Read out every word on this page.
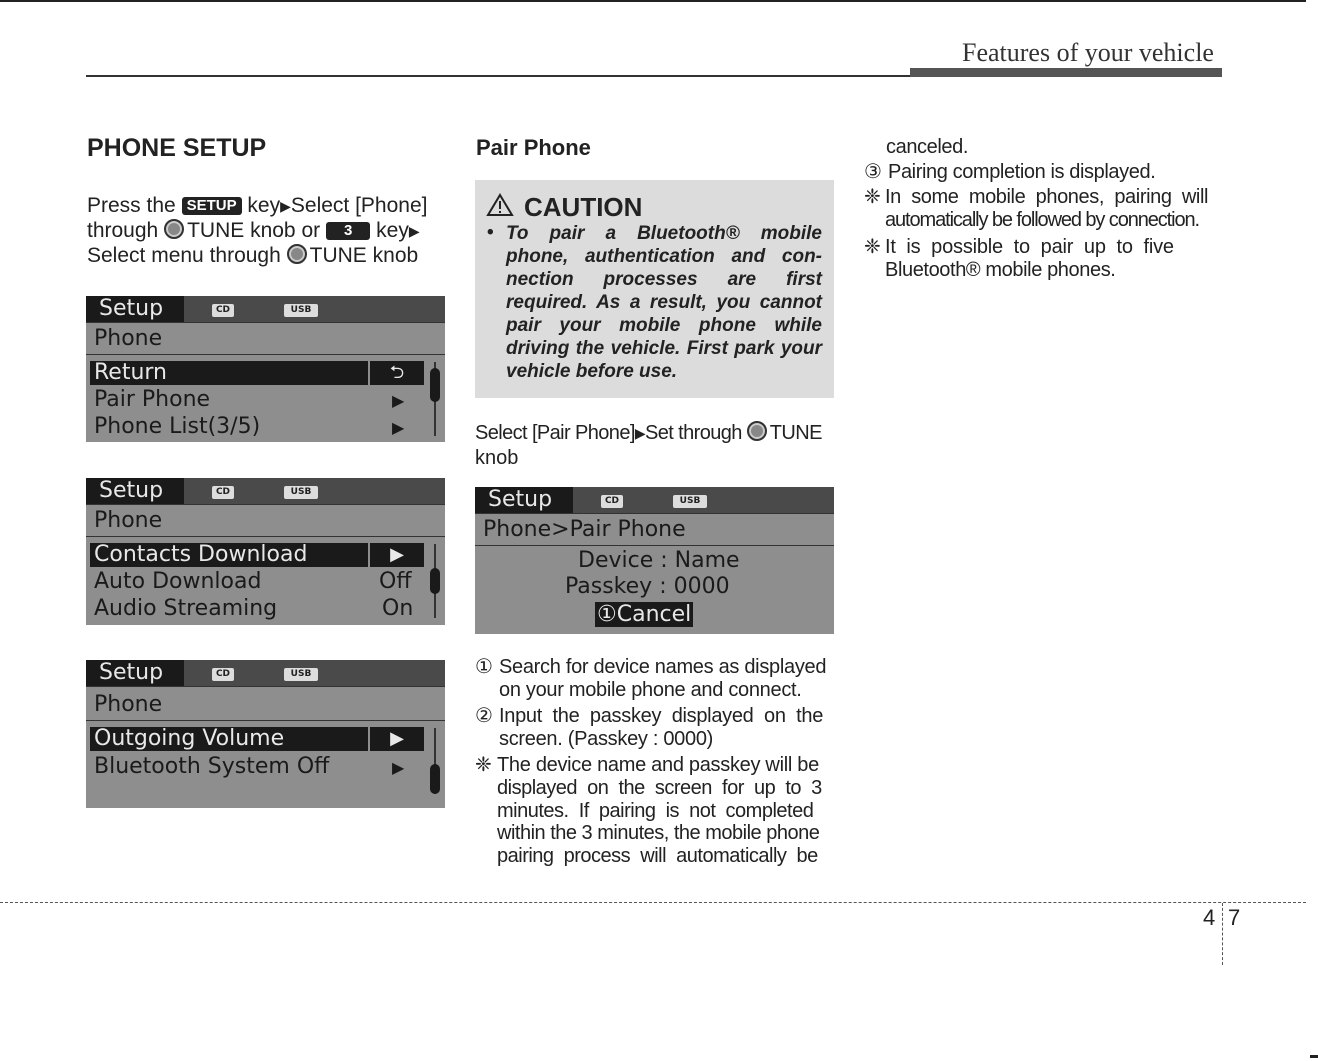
Features of your vehicle
PHONE SETUP
Press the SETUP key▶Select [Phone]
through TUNE knob or 3 key▶
Select menu through TUNE knob
Setup	CD	USB
Phone
Return	⮌
Pair Phone	▶
Phone List(3/5)	▶
Setup	CD	USB
Phone
Contacts Download	▶
Auto Download	Off
Audio Streaming	On
Setup	CD	USB
Phone
Outgoing Volume	▶
Bluetooth System Off	▶
Pair Phone
CAUTION
• To pair a Bluetooth® mobile phone, authentication and con-nection processes are first required. As a result, you cannot pair your mobile phone while driving the vehicle. First park your vehicle before use.
Select [Pair Phone]▶Set through TUNE
knob
Setup	CD	USB
Phone>Pair Phone
Device : Name
Passkey : 0000
①Cancel
① Search for device names as displayed
on your mobile phone and connect.
② Input  the  passkey  displayed  on  the
screen. (Passkey : 0000)
❈ The device name and passkey will be
displayed  on  the  screen  for  up  to  3
minutes.  If  pairing  is  not  completed
within the 3 minutes, the mobile phone
pairing  process  will  automatically  be
canceled.
③ Pairing completion is displayed.
❈ In  some  mobile  phones,  pairing  will
automatically be followed by connection.
❈ It  is  possible  to  pair  up  to  five
Bluetooth® mobile phones.
4 7
